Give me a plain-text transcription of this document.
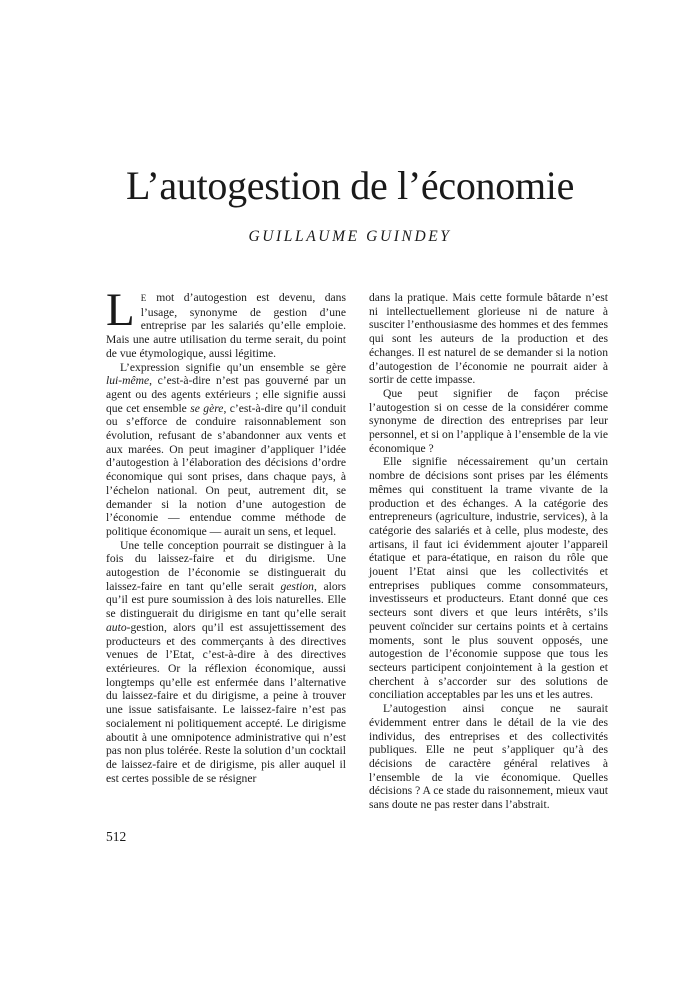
L’autogestion de l’économie
GUILLAUME GUINDEY

LE mot d’autogestion est devenu, dans l’usage, synonyme de gestion d’une entreprise par les salariés qu’elle emploie. Mais une autre utilisation du terme serait, du point de vue étymologique, aussi légitime.

L’expression signifie qu’un ensemble se gère lui-même, c’est-à-dire n’est pas gouverné par un agent ou des agents extérieurs ; elle signifie aussi que cet ensemble se gère, c’est-à-dire qu’il conduit ou s’efforce de conduire raisonnablement son évolution, refusant de s’abandonner aux vents et aux marées. On peut imaginer d’appliquer l’idée d’autogestion à l’élaboration des décisions d’ordre économique qui sont prises, dans chaque pays, à l’échelon national. On peut, autrement dit, se demander si la notion d’une autogestion de l’économie — entendue comme méthode de politique économique — aurait un sens, et lequel.

Une telle conception pourrait se distinguer à la fois du laissez-faire et du dirigisme. Une autogestion de l’économie se distinguerait du laissez-faire en tant qu’elle serait gestion, alors qu’il est pure soumission à des lois naturelles. Elle se distinguerait du dirigisme en tant qu’elle serait auto-gestion, alors qu’il est assujettissement des producteurs et des commerçants à des directives venues de l’Etat, c’est-à-dire à des directives extérieures. Or la réflexion économique, aussi longtemps qu’elle est enfermée dans l’alternative du laissez-faire et du dirigisme, a peine à trouver une issue satisfaisante. Le laissez-faire n’est pas socialement ni politiquement accepté. Le dirigisme aboutit à une omnipotence administrative qui n’est pas non plus tolérée. Reste la solution d’un cocktail de laissez-faire et de dirigisme, pis aller auquel il est certes possible de se résigner

dans la pratique. Mais cette formule bâtarde n’est ni intellectuellement glorieuse ni de nature à susciter l’enthousiasme des hommes et des femmes qui sont les auteurs de la production et des échanges. Il est naturel de se demander si la notion d’autogestion de l’économie ne pourrait aider à sortir de cette impasse.

Que peut signifier de façon précise l’autogestion si on cesse de la considérer comme synonyme de direction des entreprises par leur personnel, et si on l’applique à l’ensemble de la vie économique ?

Elle signifie nécessairement qu’un certain nombre de décisions sont prises par les éléments mêmes qui constituent la trame vivante de la production et des échanges. A la catégorie des entrepreneurs (agriculture, industrie, services), à la catégorie des salariés et à celle, plus modeste, des artisans, il faut ici évidemment ajouter l’appareil étatique et para-étatique, en raison du rôle que jouent l’Etat ainsi que les collectivités et entreprises publiques comme consommateurs, investisseurs et producteurs. Etant donné que ces secteurs sont divers et que leurs intérêts, s’ils peuvent coïncider sur certains points et à certains moments, sont le plus souvent opposés, une autogestion de l’économie suppose que tous les secteurs participent conjointement à la gestion et cherchent à s’accorder sur des solutions de conciliation acceptables par les uns et les autres.

L’autogestion ainsi conçue ne saurait évidemment entrer dans le détail de la vie des individus, des entreprises et des collectivités publiques. Elle ne peut s’appliquer qu’à des décisions de caractère général relatives à l’ensemble de la vie économique. Quelles décisions ? A ce stade du raisonnement, mieux vaut sans doute ne pas rester dans l’abstrait.

512
